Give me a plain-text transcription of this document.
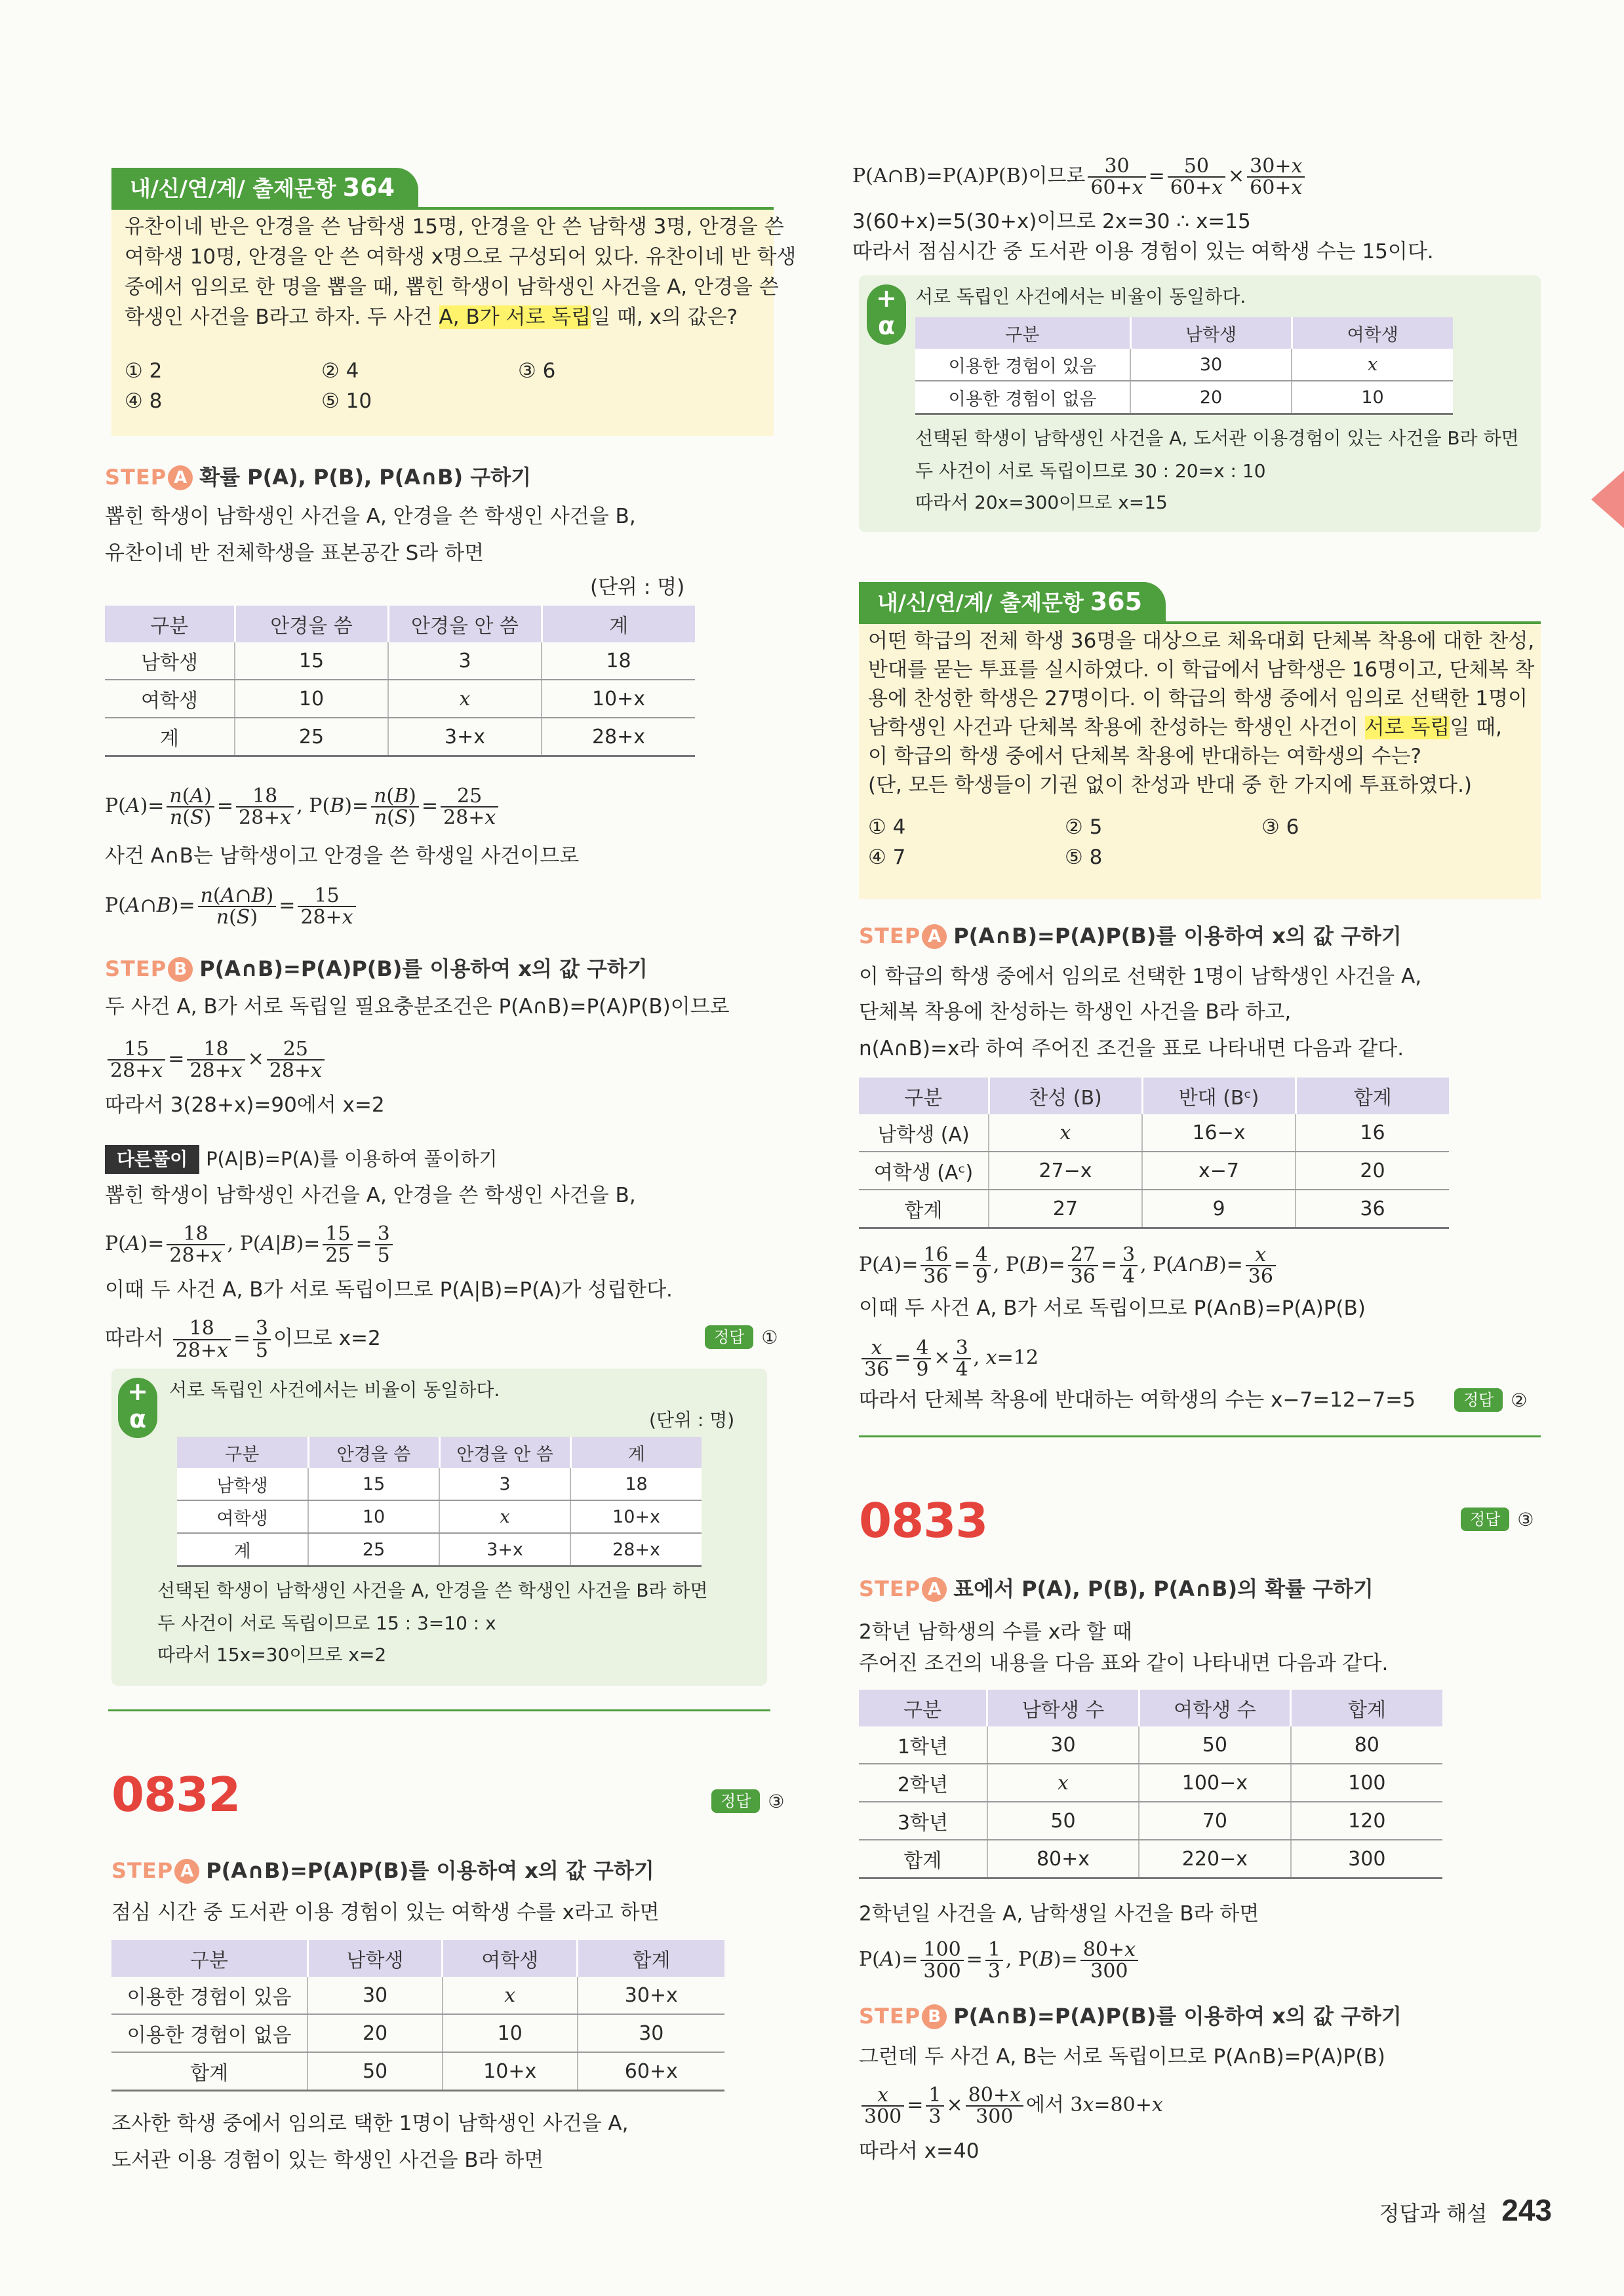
내/신/연/계/ 출제문항 364
유찬이네 반은 안경을 쓴 남학생 15명, 안경을 안 쓴 남학생 3명, 안경을 쓴
여학생 10명, 안경을 안 쓴 여학생 x명으로 구성되어 있다. 유찬이네 반 학생
중에서 임의로 한 명을 뽑을 때, 뽑힌 학생이 남학생인 사건을 A, 안경을 쓴
학생인 사건을 B라고 하자. 두 사건 A, B가 서로 독립일 때, x의 값은?
① 2	② 4	③ 6
④ 8	⑤ 10
STEP A 확률 P(A), P(B), P(A∩B) 구하기
뽑힌 학생이 남학생인 사건을 A, 안경을 쓴 학생인 사건을 B,
유찬이네 반 전체학생을 표본공간 S라 하면
(단위 : 명)
구분	안경을 씀	안경을 안 씀	계
남학생	15	3	18
여학생	10	x	10+x
계	25	3+x	28+x
$P(A)= \frac{n(A)}{n(S)} = \frac{18}{28+x}$ , $P(B)= \frac{n(B)}{n(S)} = \frac{25}{28+x}$
사건 A∩B는 남학생이고 안경을 쓴 학생일 사건이므로
P(A∩B)= $\frac{n(A\cap B)}{n(S)} = \frac{15}{28+x}$
STEP B P(A∩B)=P(A)P(B)를 이용하여 x의 값 구하기
두 사건 A, B가 서로 독립일 필요충분조건은 P(A∩B)=P(A)P(B)이므로
$\frac{15}{28+x} = \frac{18}{28+x} \times \frac{25}{28+x}$
따라서 3(28+x)=90에서 x=2
다른풀이 P(A|B)=P(A)를 이용하여 풀이하기
뽑힌 학생이 남학생인 사건을 A, 안경을 쓴 학생인 사건을 B,
$P(A)= \frac{18}{28+x}$ , $P(A|B)= \frac{15}{25} = \frac{3}{5}$
이때 두 사건 A, B가 서로 독립이므로 P(A|B)=P(A)가 성립한다.
따라서 $\frac{18}{28+x} = \frac{3}{5}$ 이므로 x=2	정답 ①
+
α
서로 독립인 사건에서는 비율이 동일하다.
(단위 : 명)
구분	안경을 씀	안경을 안 씀	계
남학생	15	3	18
여학생	10	x	10+x
계	25	3+x	28+x
선택된 학생이 남학생인 사건을 A, 안경을 쓴 학생인 사건을 B라 하면
두 사건이 서로 독립이므로 15 : 3=10 : x
따라서 15x=30이므로 x=2
0832	정답 ③
STEP A P(A∩B)=P(A)P(B)를 이용하여 x의 값 구하기
점심 시간 중 도서관 이용 경험이 있는 여학생 수를 x라고 하면
구분	남학생	여학생	합계
이용한 경험이 있음	30	x	30+x
이용한 경험이 없음	20	10	30
합계	50	10+x	60+x
조사한 학생 중에서 임의로 택한 1명이 남학생인 사건을 A,
도서관 이용 경험이 있는 학생인 사건을 B라 하면
P(A∩B)=P(A)P(B)이므로 $\frac{30}{60+x} = \frac{50}{60+x} \times \frac{30+x}{60+x}$
3(60+x)=5(30+x)이므로 2x=30 ∴ x=15
따라서 점심시간 중 도서관 이용 경험이 있는 여학생 수는 15이다.
+
α
서로 독립인 사건에서는 비율이 동일하다.
구분	남학생	여학생
이용한 경험이 있음	30	x
이용한 경험이 없음	20	10
선택된 학생이 남학생인 사건을 A, 도서관 이용경험이 있는 사건을 B라 하면
두 사건이 서로 독립이므로 30 : 20=x : 10
따라서 20x=300이므로 x=15
내/신/연/계/ 출제문항 365
어떤 학급의 전체 학생 36명을 대상으로 체육대회 단체복 착용에 대한 찬성,
반대를 묻는 투표를 실시하였다. 이 학급에서 남학생은 16명이고, 단체복 착
용에 찬성한 학생은 27명이다. 이 학급의 학생 중에서 임의로 선택한 1명이
남학생인 사건과 단체복 착용에 찬성하는 학생인 사건이 서로 독립일 때,
이 학급의 학생 중에서 단체복 착용에 반대하는 여학생의 수는?
(단, 모든 학생들이 기권 없이 찬성과 반대 중 한 가지에 투표하였다.)
① 4	② 5	③ 6
④ 7	⑤ 8
STEP A P(A∩B)=P(A)P(B)를 이용하여 x의 값 구하기
이 학급의 학생 중에서 임의로 선택한 1명이 남학생인 사건을 A,
단체복 착용에 찬성하는 학생인 사건을 B라 하고,
n(A∩B)=x라 하여 주어진 조건을 표로 나타내면 다음과 같다.
구분	찬성 (B)	반대 (Bᶜ)	합계
남학생 (A)	x	16−x	16
여학생 (Aᶜ)	27−x	x−7	20
합계	27	9	36
$P(A)= \frac{16}{36} = \frac{4}{9}$ , $P(B)= \frac{27}{36} = \frac{3}{4}$ , P(A∩B)= $\frac{x}{36}$
이때 두 사건 A, B가 서로 독립이므로 P(A∩B)=P(A)P(B)
$\frac{x}{36} = \frac{4}{9} \times \frac{3}{4}$ , x=12
따라서 단체복 착용에 반대하는 여학생의 수는 x−7=12−7=5	정답 ②
0833	정답 ③
STEP A 표에서 P(A), P(B), P(A∩B)의 확률 구하기
2학년 남학생의 수를 x라 할 때
주어진 조건의 내용을 다음 표와 같이 나타내면 다음과 같다.
구분	남학생 수	여학생 수	합계
1학년	30	50	80
2학년	x	100−x	100
3학년	50	70	120
합계	80+x	220−x	300
2학년일 사건을 A, 남학생일 사건을 B라 하면
$P(A)= \frac{100}{300} = \frac{1}{3}$ , $P(B)= \frac{80+x}{300}$
STEP B P(A∩B)=P(A)P(B)를 이용하여 x의 값 구하기
그런데 두 사건 A, B는 서로 독립이므로 P(A∩B)=P(A)P(B)
$\frac{x}{300} = \frac{1}{3} \times \frac{80+x}{300}$ 에서 3x=80+x
따라서 x=40
정답과 해설 243
